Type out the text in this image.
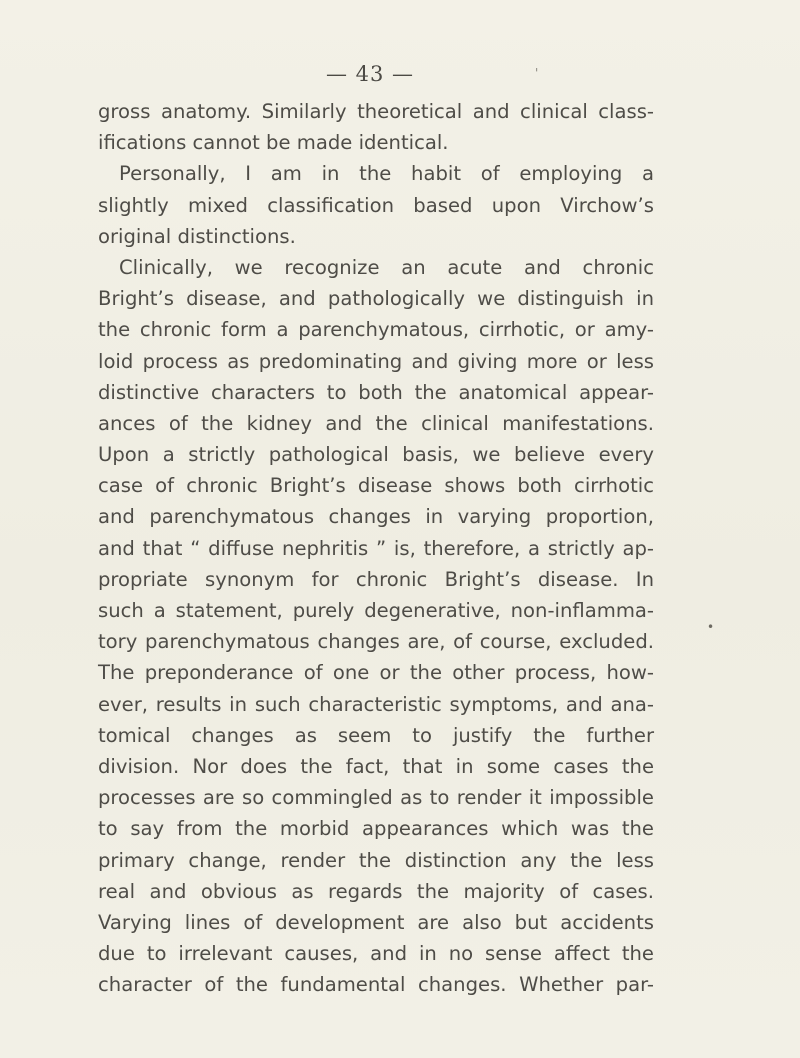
— 43 —
gross anatomy. Similarly theoretical and clinical class-
ifications cannot be made identical.
Personally, I am in the habit of employing a
slightly mixed classification based upon Virchow’s
original distinctions.
Clinically, we recognize an acute and chronic
Bright’s disease, and pathologically we distinguish in
the chronic form a parenchymatous, cirrhotic, or amy-
loid process as predominating and giving more or less
distinctive characters to both the anatomical appear-
ances of the kidney and the clinical manifestations.
Upon a strictly pathological basis, we believe every
case of chronic Bright’s disease shows both cirrhotic
and parenchymatous changes in varying proportion,
and that “ diffuse nephritis ” is, therefore, a strictly ap-
propriate synonym for chronic Bright’s disease. In
such a statement, purely degenerative, non-inflamma-
tory parenchymatous changes are, of course, excluded.
The preponderance of one or the other process, how-
ever, results in such characteristic symptoms, and ana-
tomical changes as seem to justify the further
division. Nor does the fact, that in some cases the
processes are so commingled as to render it impossible
to say from the morbid appearances which was the
primary change, render the distinction any the less
real and obvious as regards the majority of cases.
Varying lines of development are also but accidents
due to irrelevant causes, and in no sense affect the
character of the fundamental changes. Whether par-
'
•
